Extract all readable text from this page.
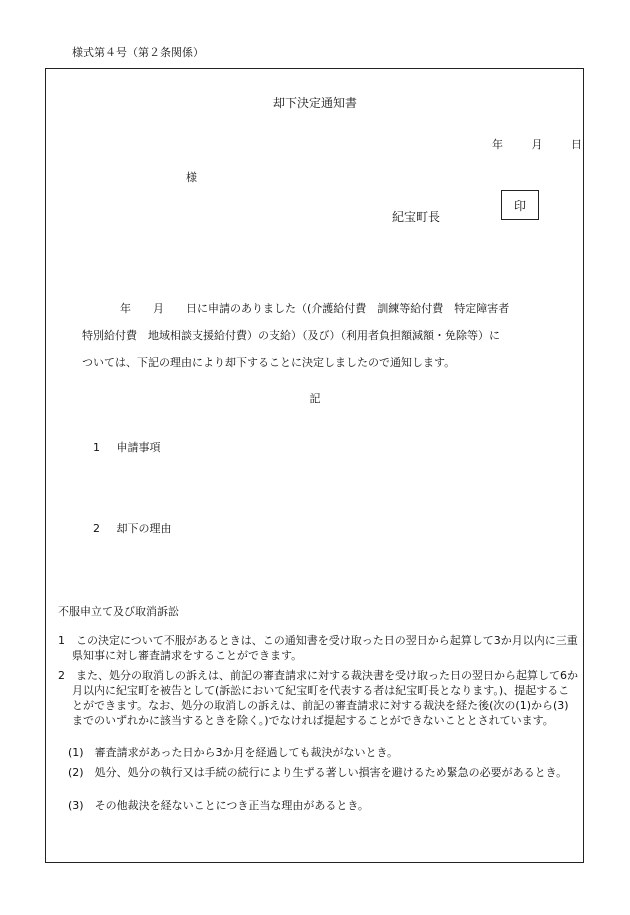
様式第４号（第２条関係）
却下決定通知書
年	月	日
様
紀宝町長
印
年　　月　　日に申請のありました（(介護給付費　訓練等給付費　特定障害者
特別給付費　地域相談支援給付費）の支給）（及び）（利用者負担額減額・免除等）に
ついては、下記の理由により却下することに決定しましたので通知します。
記
1 申請事項
2 却下の理由
不服申立て及び取消訴訟
1　この決定について不服があるときは、この通知書を受け取った日の翌日から起算して3か月以内に三重県知事に対し審査請求をすることができます。
2　また、処分の取消しの訴えは、前記の審査請求に対する裁決書を受け取った日の翌日から起算して6か月以内に紀宝町を被告として(訴訟において紀宝町を代表する者は紀宝町長となります。)、提起することができます。なお、処分の取消しの訴えは、前記の審査請求に対する裁決を経た後(次の(1)から(3)までのいずれかに該当するときを除く。)でなければ提起することができないこととされています。
(1)　審査請求があった日から3か月を経過しても裁決がないとき。
(2)　処分、処分の執行又は手続の続行により生ずる著しい損害を避けるため緊急の必要があるとき。
(3)　その他裁決を経ないことにつき正当な理由があるとき。
